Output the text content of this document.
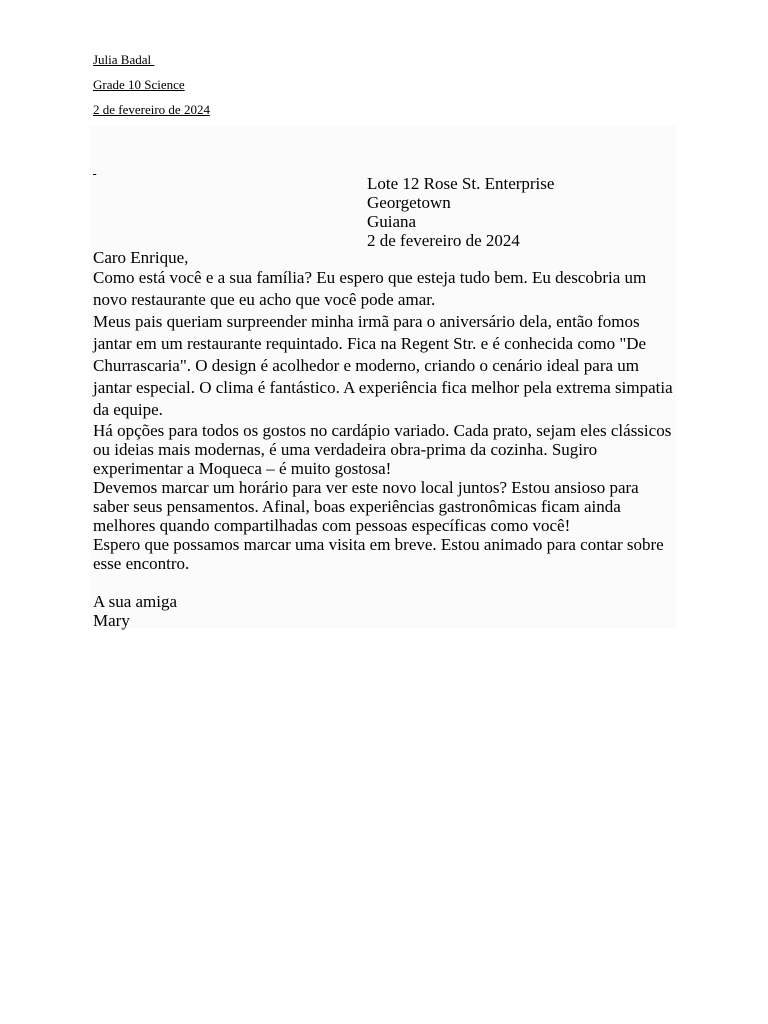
Julia Badal
Grade 10 Science
2 de fevereiro de 2024

Lote 12 Rose St. Enterprise
Georgetown
Guiana
2 de fevereiro de 2024

Caro Enrique,

Como está você e a sua família? Eu espero que esteja tudo bem. Eu descobria um novo restaurante que eu acho que você pode amar.

Meus pais queriam surpreender minha irmã para o aniversário dela, então fomos jantar em um restaurante requintado. Fica na Regent Str. e é conhecida como "De Churrascaria". O design é acolhedor e moderno, criando o cenário ideal para um jantar especial. O clima é fantástico. A experiência fica melhor pela extrema simpatia da equipe.

Há opções para todos os gostos no cardápio variado. Cada prato, sejam eles clássicos ou ideias mais modernas, é uma verdadeira obra-prima da cozinha. Sugiro experimentar a Moqueca – é muito gostosa!

Devemos marcar um horário para ver este novo local juntos? Estou ansioso para saber seus pensamentos. Afinal, boas experiências gastronômicas ficam ainda melhores quando compartilhadas com pessoas específicas como você!

Espero que possamos marcar uma visita em breve. Estou animado para contar sobre esse encontro.

A sua amiga

Mary
